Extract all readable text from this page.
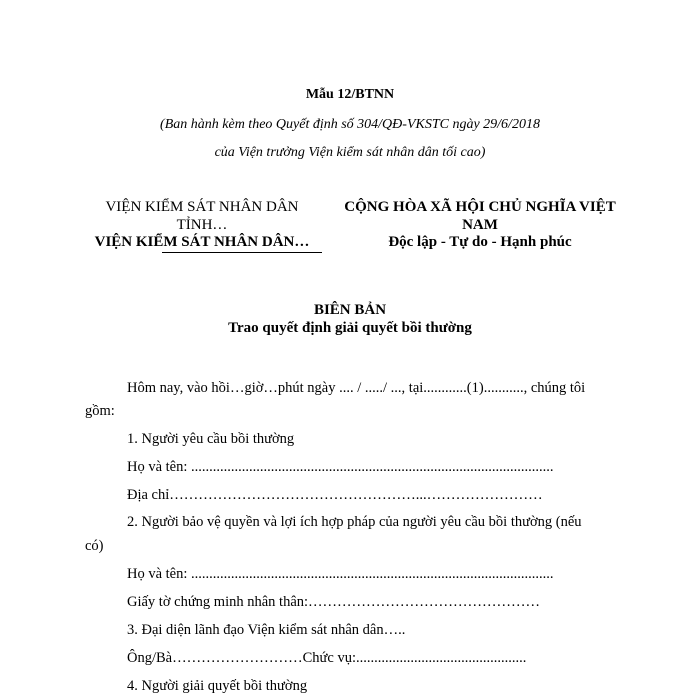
Mẫu 12/BTNN
(Ban hành kèm theo Quyết định số 304/QĐ-VKSTC ngày 29/6/2018
của Viện trưởng Viện kiểm sát nhân dân tối cao)
VIỆN KIỂM SÁT NHÂN DÂN
TỈNH…
VIỆN KIỂM SÁT NHÂN DÂN…
CỘNG HÒA XÃ HỘI CHỦ NGHĨA VIỆT
NAM
Độc lập - Tự do - Hạnh phúc
BIÊN BẢN
Trao quyết định giải quyết bồi thường
Hôm nay, vào hồi…giờ…phút ngày .... / ...../ ..., tại............(1)..........., chúng tôi
gồm:
1. Người yêu cầu bồi thường
Họ và tên: ....................................................................................................
Địa chỉ……………………………………………...……………………
2. Người bảo vệ quyền và lợi ích hợp pháp của người yêu cầu bồi thường (nếu
có)
Họ và tên: ....................................................................................................
Giấy tờ chứng minh nhân thân:…………………………………………
3. Đại diện lãnh đạo Viện kiểm sát nhân dân…..
Ông/Bà………………………Chức vụ:...............................................
4. Người giải quyết bồi thường
